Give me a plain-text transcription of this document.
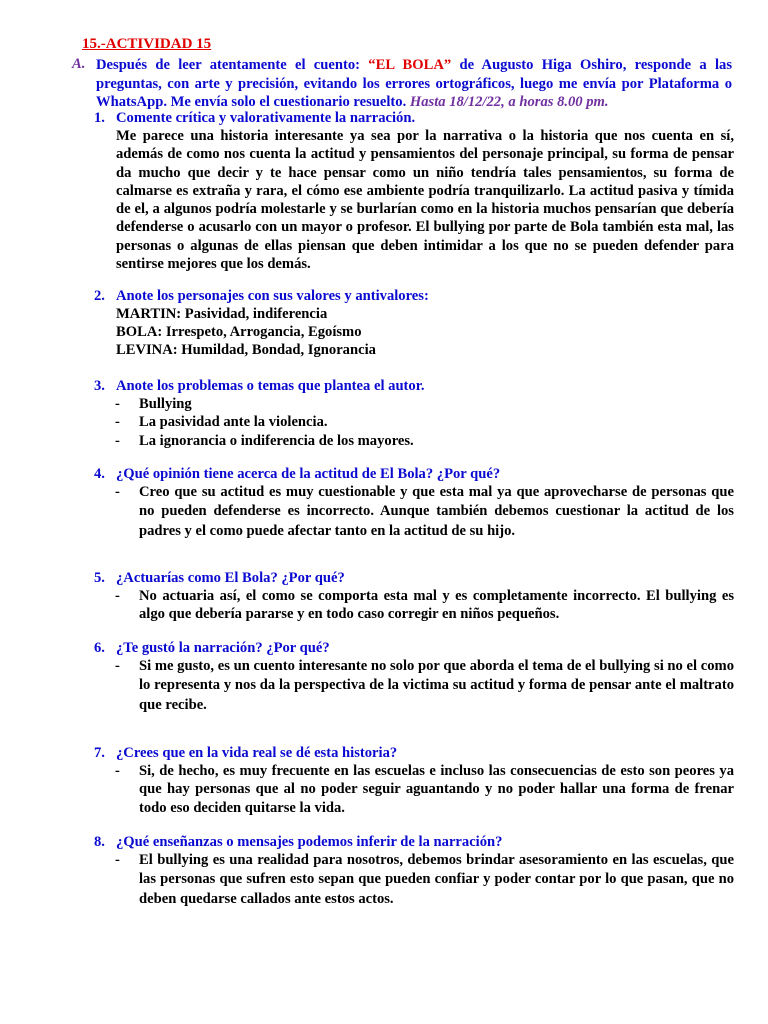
15.-ACTIVIDAD 15
A. Después de leer atentamente el cuento: “EL BOLA” de Augusto Higa Oshiro, responde a las preguntas, con arte y precisión, evitando los errores ortográficos, luego me envía por Plataforma o WhatsApp. Me envía solo el cuestionario resuelto. Hasta 18/12/22, a horas 8.00 pm.
1. Comente crítica y valorativamente la narración.
Me parece una historia interesante ya sea por la narrativa o la historia que nos cuenta en sí, además de como nos cuenta la actitud y pensamientos del personaje principal, su forma de pensar da mucho que decir y te hace pensar como un niño tendría tales pensamientos, su forma de calmarse es extraña y rara, el cómo ese ambiente podría tranquilizarlo. La actitud pasiva y tímida de el, a algunos podría molestarle y se burlarían como en la historia muchos pensarían que debería defenderse o acusarlo con un mayor o profesor. El bullying por parte de Bola también esta mal, las personas o algunas de ellas piensan que deben intimidar a los que no se pueden defender para sentirse mejores que los demás.
2. Anote los personajes con sus valores y antivalores:
MARTIN: Pasividad, indiferencia
BOLA: Irrespeto, Arrogancia, Egoísmo
LEVINA: Humildad, Bondad, Ignorancia
3. Anote los problemas o temas que plantea el autor.
- Bullying
- La pasividad ante la violencia.
- La ignorancia o indiferencia de los mayores.
4. ¿Qué opinión tiene acerca de la actitud de El Bola? ¿Por qué?
- Creo que su actitud es muy cuestionable y que esta mal ya que aprovecharse de personas que no pueden defenderse es incorrecto. Aunque también debemos cuestionar la actitud de los padres y el como puede afectar tanto en la actitud de su hijo.
5. ¿Actuarías como El Bola? ¿Por qué?
- No actuaria así, el como se comporta esta mal y es completamente incorrecto. El bullying es algo que debería pararse y en todo caso corregir en niños pequeños.
6. ¿Te gustó la narración? ¿Por qué?
- Si me gusto, es un cuento interesante no solo por que aborda el tema de el bullying si no el como lo representa y nos da la perspectiva de la victima su actitud y forma de pensar ante el maltrato que recibe.
7. ¿Crees que en la vida real se dé esta historia?
- Si, de hecho, es muy frecuente en las escuelas e incluso las consecuencias de esto son peores ya que hay personas que al no poder seguir aguantando y no poder hallar una forma de frenar todo eso deciden quitarse la vida.
8. ¿Qué enseñanzas o mensajes podemos inferir de la narración?
- El bullying es una realidad para nosotros, debemos brindar asesoramiento en las escuelas, que las personas que sufren esto sepan que pueden confiar y poder contar por lo que pasan, que no deben quedarse callados ante estos actos.
